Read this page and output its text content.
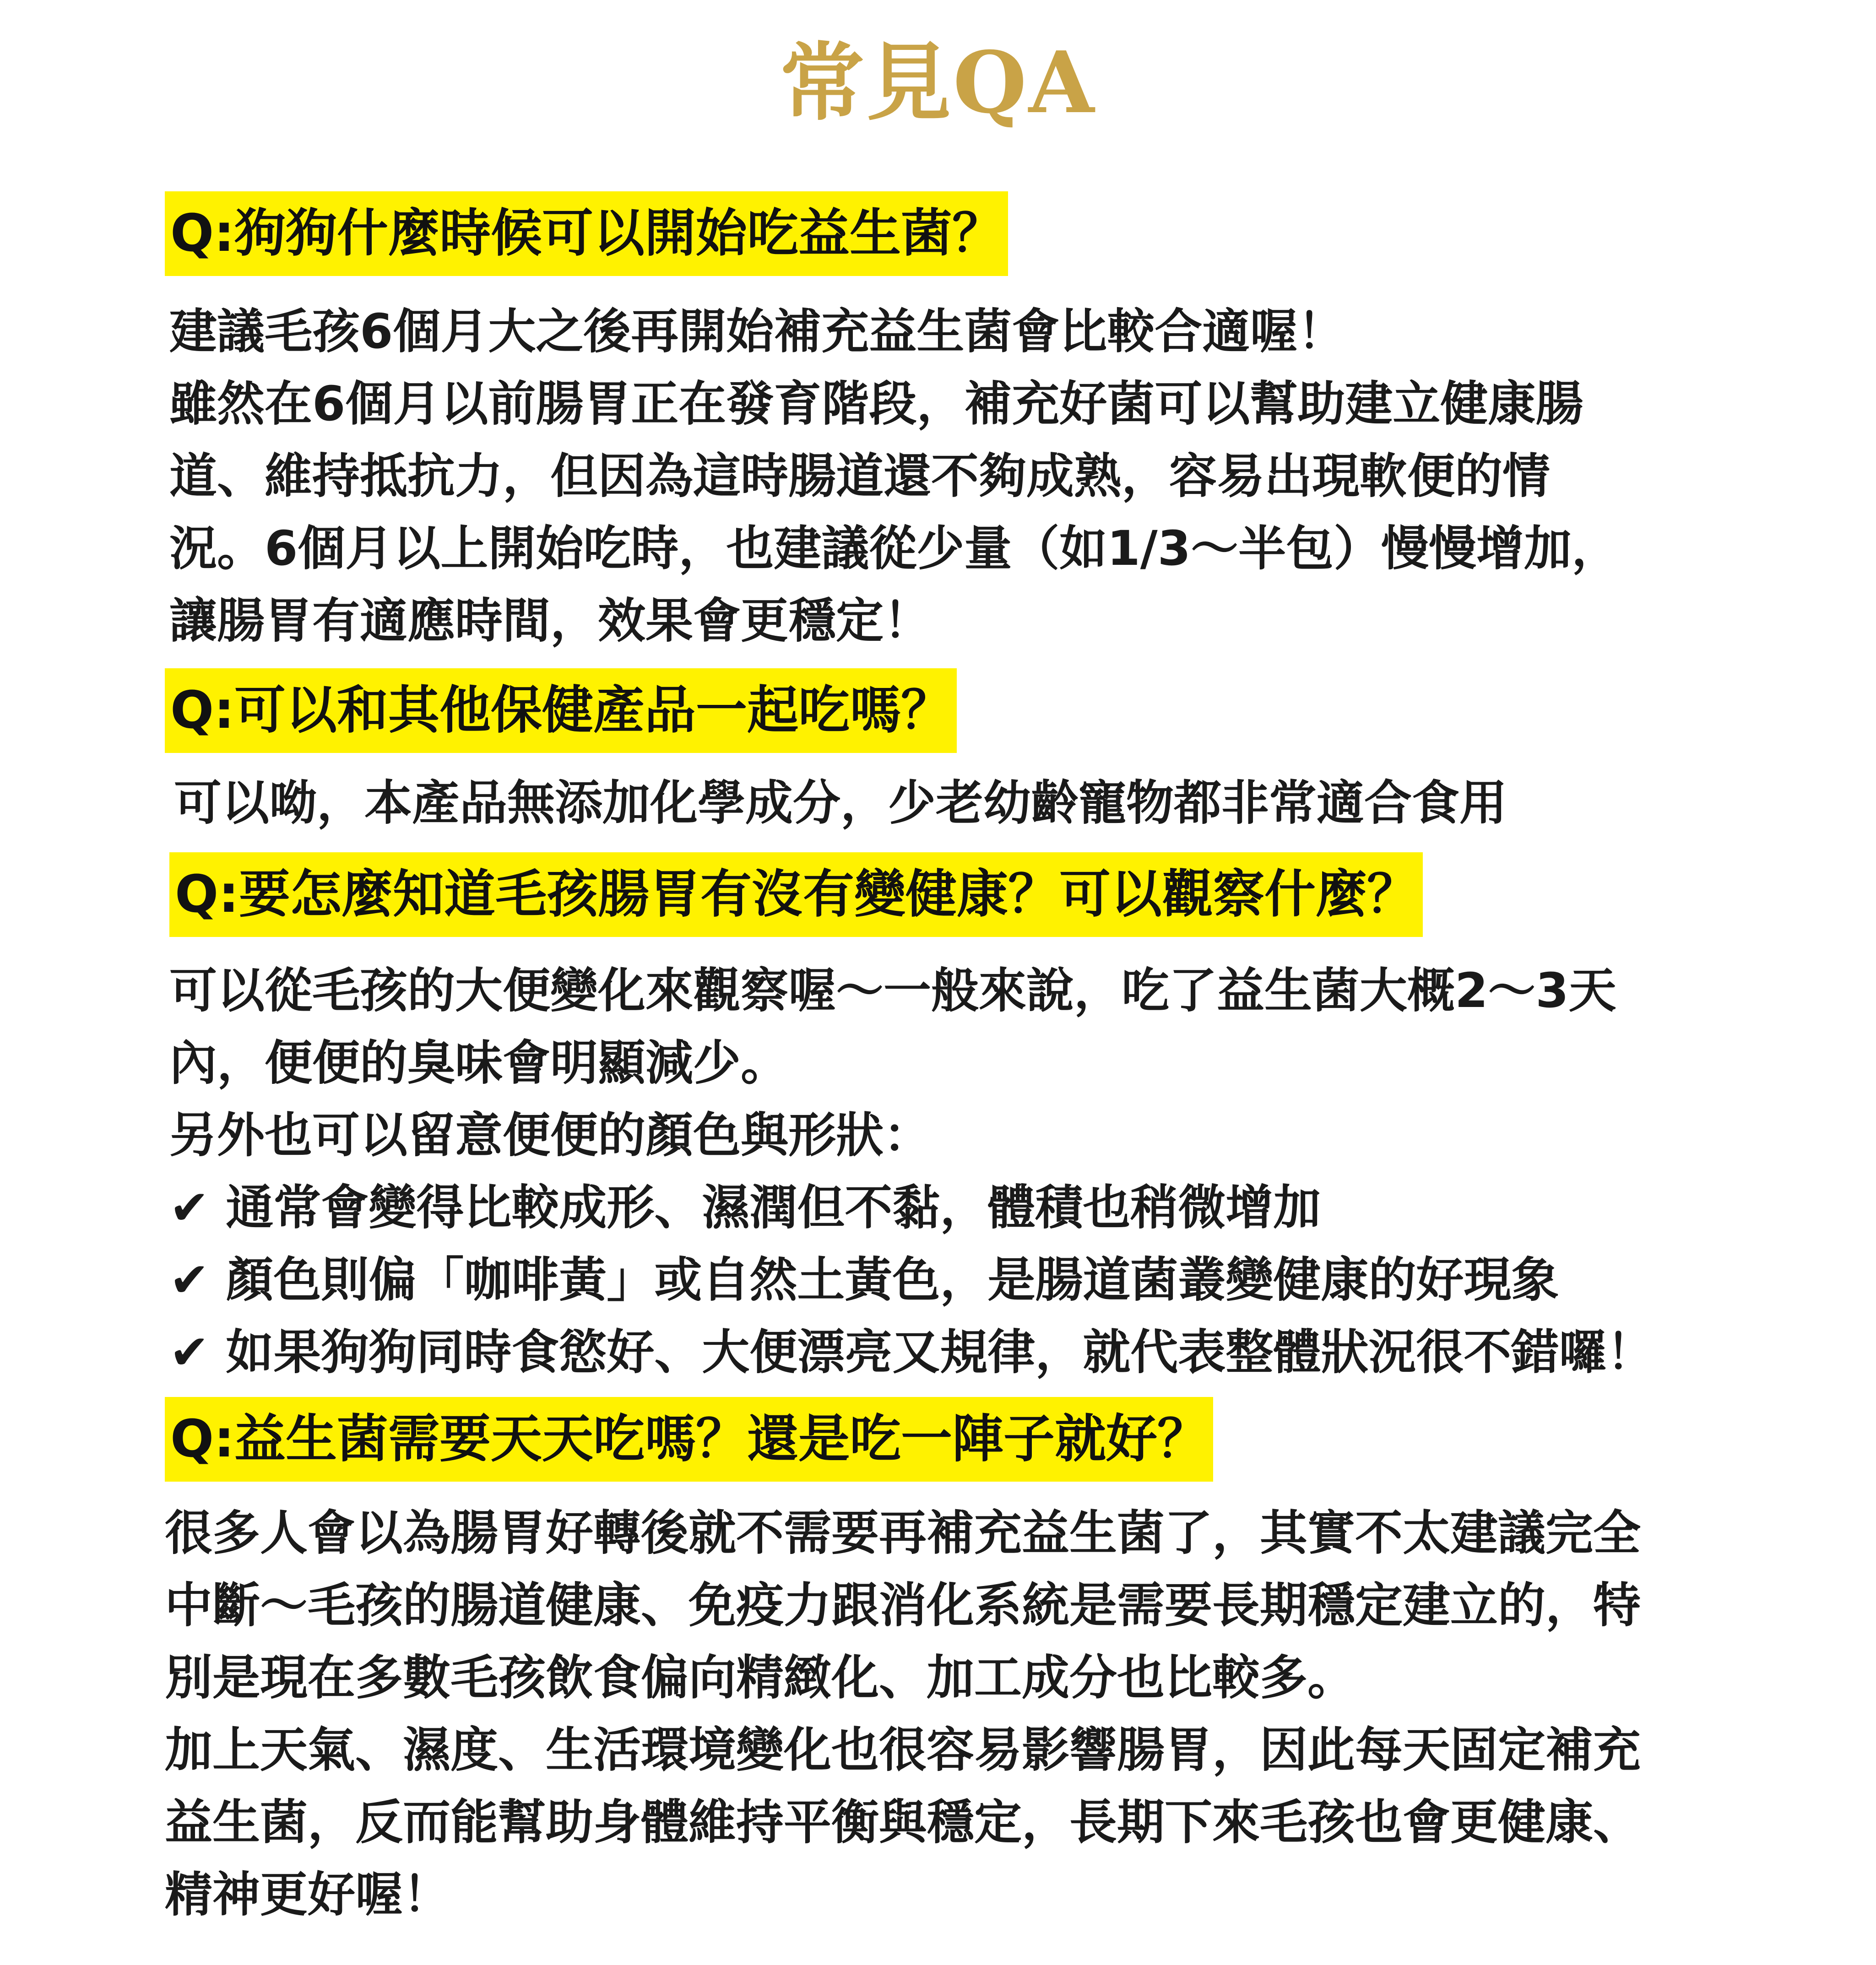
常見QA
Q:狗狗什麼時候可以開始吃益生菌？
建議毛孩6個月大之後再開始補充益生菌會比較合適喔！
雖然在6個月以前腸胃正在發育階段，補充好菌可以幫助建立健康腸
道、維持抵抗力，但因為這時腸道還不夠成熟，容易出現軟便的情
況。6個月以上開始吃時，也建議從少量（如1/3～半包）慢慢增加，
讓腸胃有適應時間，效果會更穩定！
Q:可以和其他保健產品一起吃嗎？
可以呦，本產品無添加化學成分，少老幼齡寵物都非常適合食用
Q:要怎麼知道毛孩腸胃有沒有變健康？可以觀察什麼？
可以從毛孩的大便變化來觀察喔～一般來說，吃了益生菌大概2～3天
內，便便的臭味會明顯減少。
另外也可以留意便便的顏色與形狀：
✔ 通常會變得比較成形、濕潤但不黏，體積也稍微增加
✔ 顏色則偏「咖啡黃」或自然土黃色，是腸道菌叢變健康的好現象
✔ 如果狗狗同時食慾好、大便漂亮又規律，就代表整體狀況很不錯囉！
Q:益生菌需要天天吃嗎？還是吃一陣子就好？
很多人會以為腸胃好轉後就不需要再補充益生菌了，其實不太建議完全
中斷～毛孩的腸道健康、免疫力跟消化系統是需要長期穩定建立的，特
別是現在多數毛孩飲食偏向精緻化、加工成分也比較多。
加上天氣、濕度、生活環境變化也很容易影響腸胃，因此每天固定補充
益生菌，反而能幫助身體維持平衡與穩定，長期下來毛孩也會更健康、
精神更好喔！
